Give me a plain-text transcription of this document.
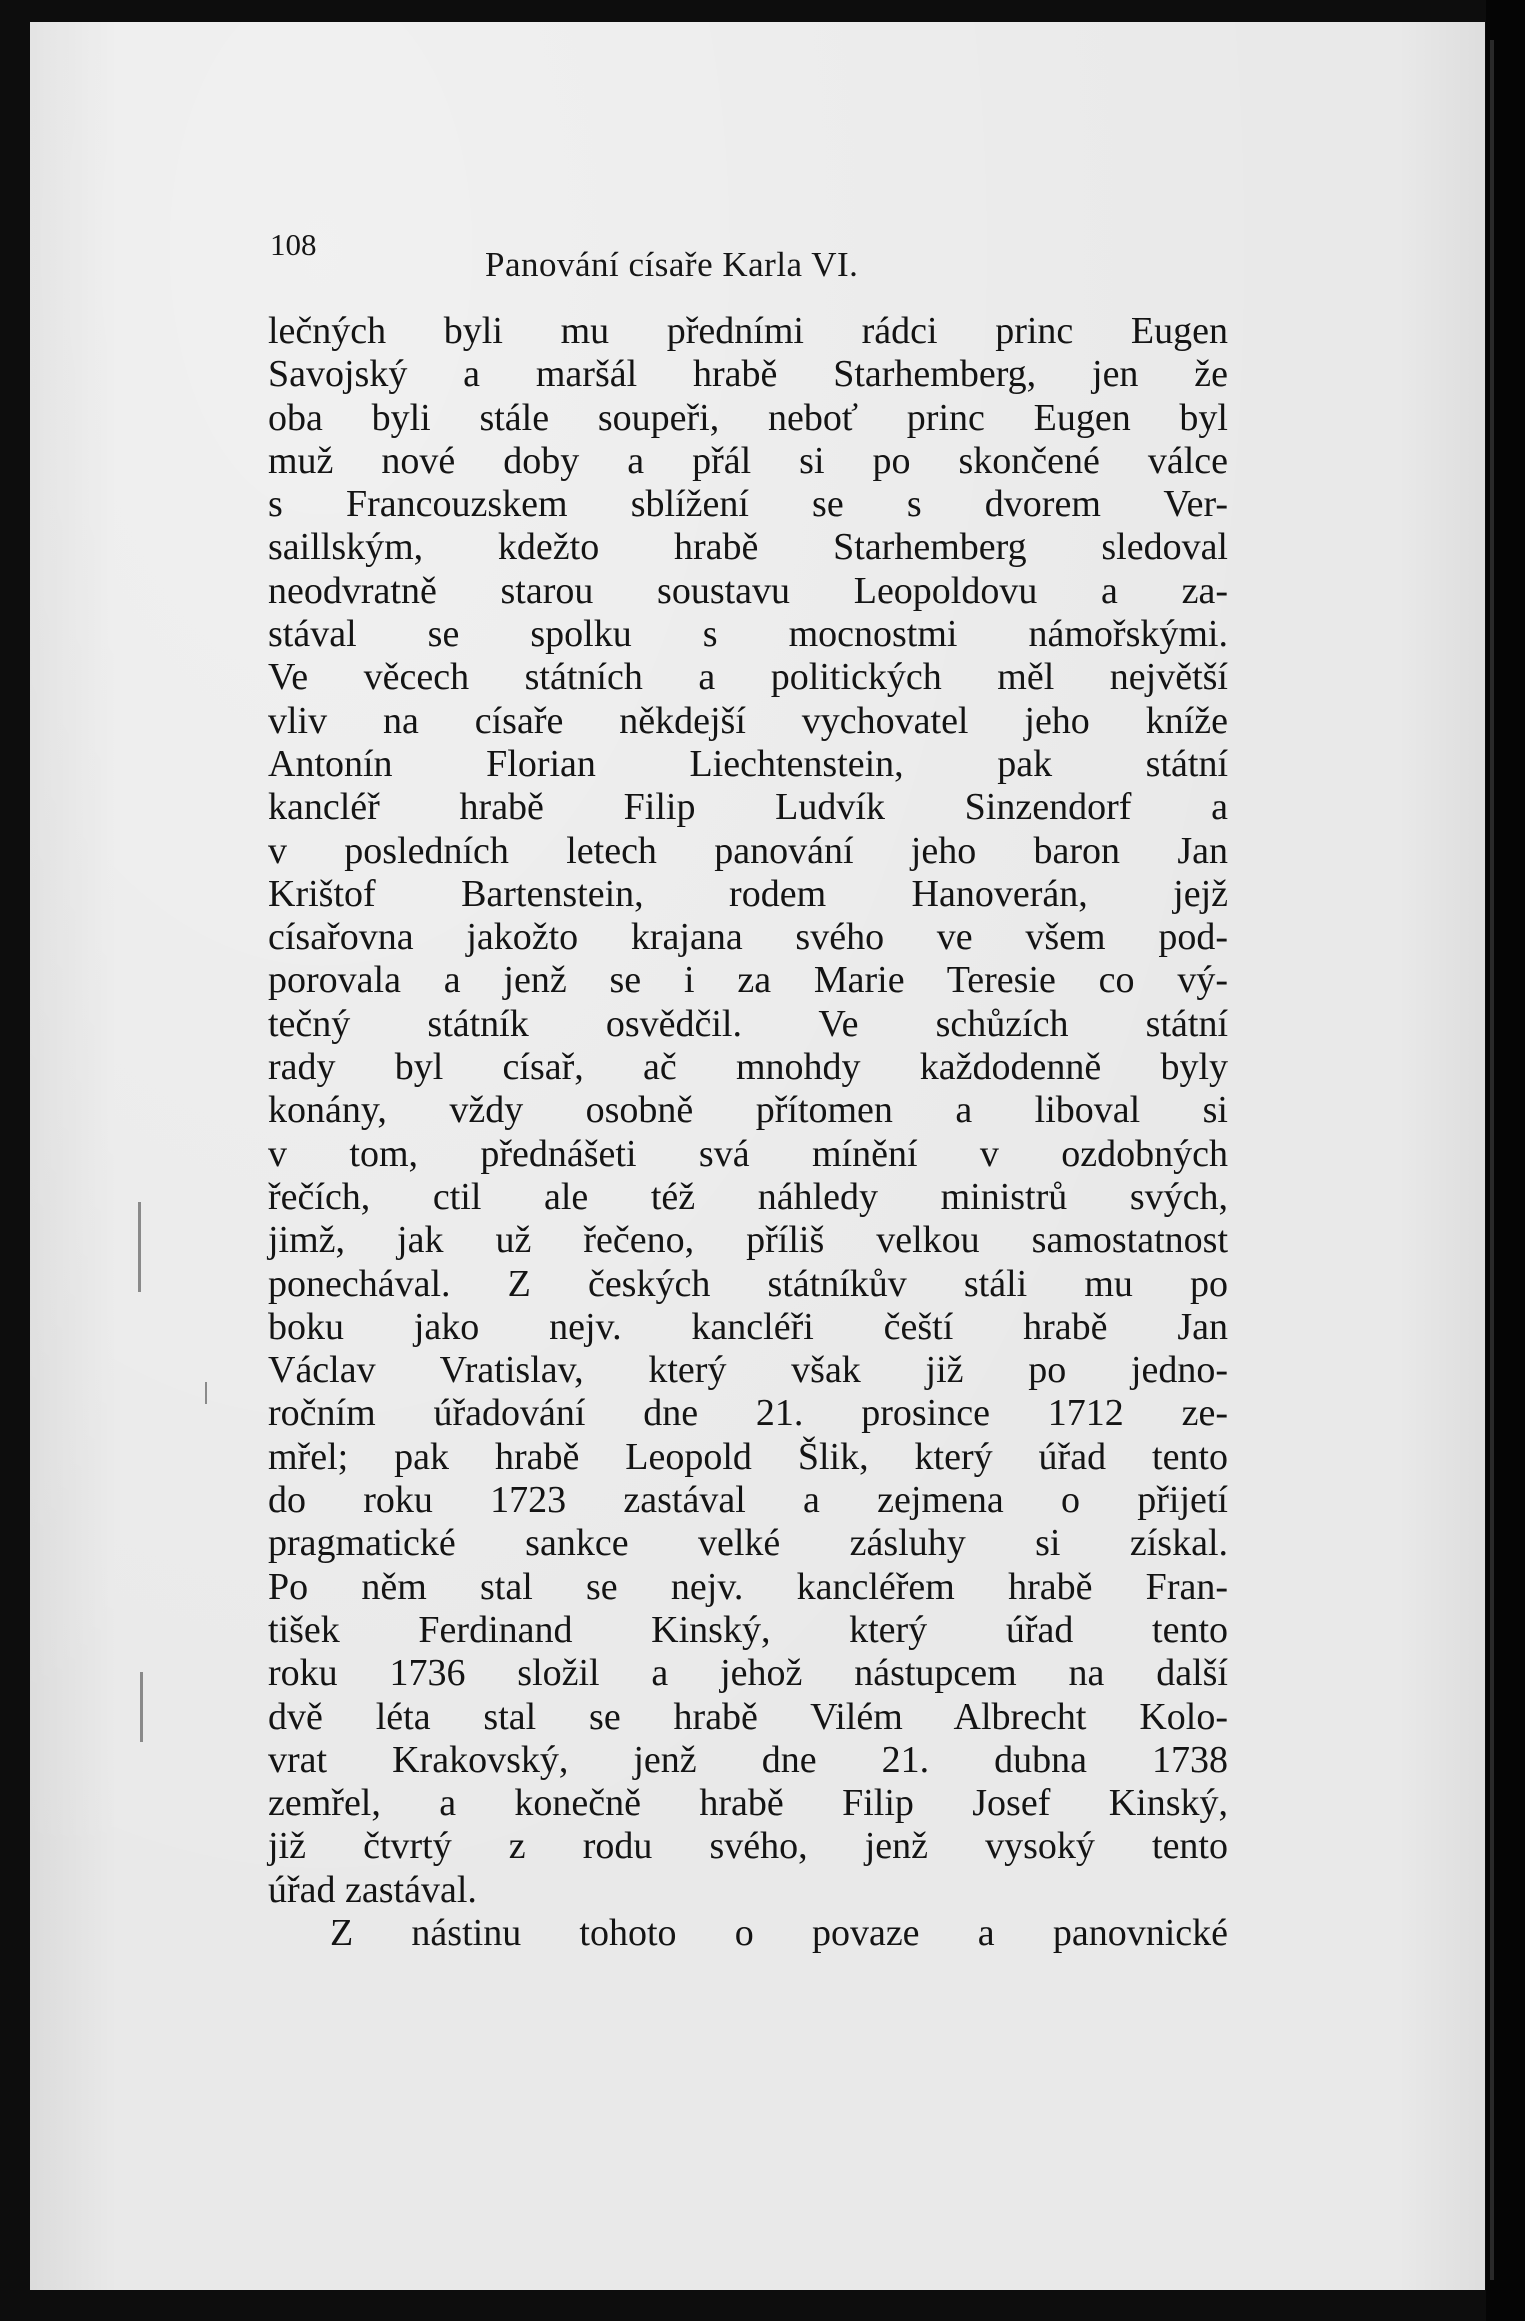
108
Panování císaře Karla VI.
lečných byli mu předními rádci princ Eugen
Savojský a maršál hrabě Starhemberg, jen že
oba byli stále soupeři, neboť princ Eugen byl
muž nové doby a přál si po skončené válce
s Francouzskem sblížení se s dvorem Ver-
saillským, kdežto hrabě Starhemberg sledoval
neodvratně starou soustavu Leopoldovu a za-
stával se spolku s mocnostmi námořskými.
Ve věcech státních a politických měl největší
vliv na císaře někdejší vychovatel jeho kníže
Antonín Florian Liechtenstein, pak státní
kancléř hrabě Filip Ludvík Sinzendorf a
v posledních letech panování jeho baron Jan
Krištof Bartenstein, rodem Hanoverán, jejž
císařovna jakožto krajana svého ve všem pod-
porovala a jenž se i za Marie Teresie co vý-
tečný státník osvědčil. Ve schůzích státní
rady byl císař, ač mnohdy každodenně byly
konány, vždy osobně přítomen a liboval si
v tom, přednášeti svá mínění v ozdobných
řečích, ctil ale též náhledy ministrů svých,
jimž, jak už řečeno, příliš velkou samostatnost
ponechával. Z českých státníkův stáli mu po
boku jako nejv. kancléři čeští hrabě Jan
Václav Vratislav, který však již po jedno-
ročním úřadování dne 21. prosince 1712 ze-
mřel; pak hrabě Leopold Šlik, který úřad tento
do roku 1723 zastával a zejmena o přijetí
pragmatické sankce velké zásluhy si získal.
Po něm stal se nejv. kancléřem hrabě Fran-
tišek Ferdinand Kinský, který úřad tento
roku 1736 složil a jehož nástupcem na další
dvě léta stal se hrabě Vilém Albrecht Kolo-
vrat Krakovský, jenž dne 21. dubna 1738
zemřel, a konečně hrabě Filip Josef Kinský,
již čtvrtý z rodu svého, jenž vysoký tento
úřad zastával.
Z nástinu tohoto o povaze a panovnické
